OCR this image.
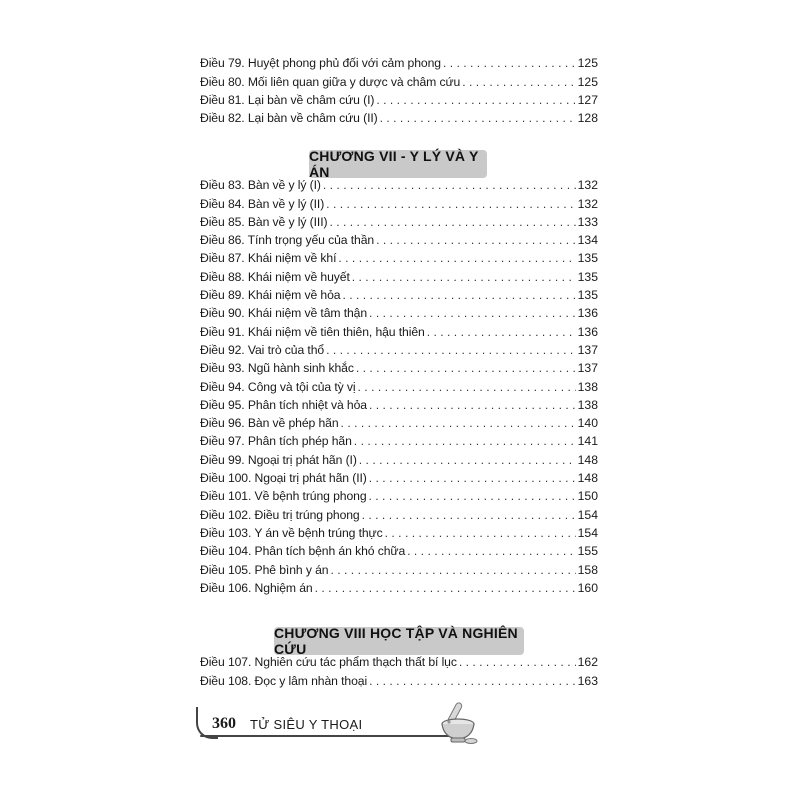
Điều 79. Huyệt phong phủ đối với cảm phong . . .	125
Điều 80. Mối liên quan giữa y dược và châm cứu . . .	125
Điều 81. Lại bàn về châm cứu (I) . . .	127
Điều 82. Lại bàn về châm cứu (II) . . .	128
CHƯƠNG VII - Y LÝ VÀ Y ÁN
Điều 83. Bàn về y lý (I) . . .	132
Điều 84. Bàn về y lý (II) . . .	132
Điều 85. Bàn về y lý (III) . . .	133
Điều 86. Tính trọng yếu của thần . . .	134
Điều 87. Khái niệm về khí . . .	135
Điều 88. Khái niệm về huyết . . .	135
Điều 89. Khái niệm về hỏa . . .	135
Điều 90. Khái niệm về tâm thận . . .	136
Điều 91. Khái niệm về tiên thiên, hậu thiên . . .	136
Điều 92. Vai trò của thổ . . .	137
Điều 93. Ngũ hành sinh khắc . . .	137
Điều 94. Công và tội của tỳ vị . . .	138
Điều 95. Phân tích nhiệt và hỏa . . .	138
Điều 96. Bàn về phép hãn . . .	140
Điều 97. Phân tích phép hãn . . .	141
Điều 99. Ngoại trị phát hãn (I) . . .	148
Điều 100. Ngoại trị phát hãn (II) . . .	148
Điều 101. Về bệnh trúng phong . . .	150
Điều 102. Điều trị trúng phong . . .	154
Điều 103. Y án về bệnh trúng thực . . .	154
Điều 104. Phân tích bệnh án khó chữa . . .	155
Điều 105. Phê bình y án . . .	158
Điều 106. Nghiệm án . . .	160
CHƯƠNG VIII HỌC TẬP VÀ NGHIÊN CỨU
Điều 107. Nghiên cứu tác phẩm thạch thất bí lục . . .	162
Điều 108. Đọc y lâm nhàn thoại . . .	163
360 TỬ SIÊU Y THOẠI
